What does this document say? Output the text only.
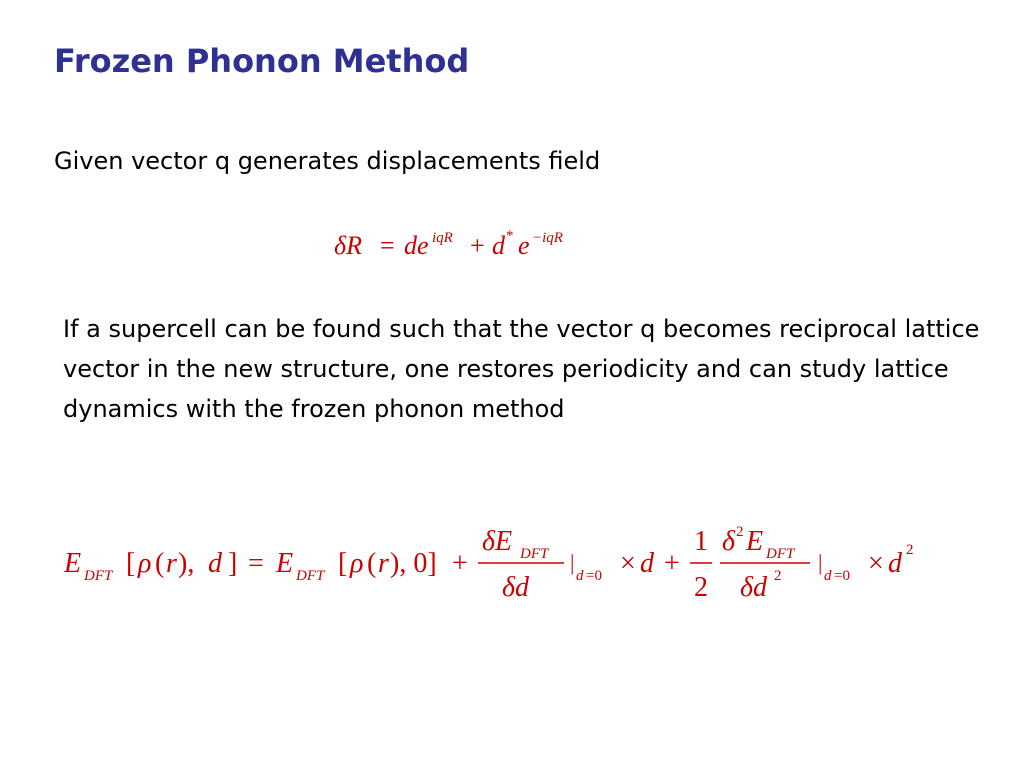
Frozen Phonon Method

Given vector q generates displacements field

δR = de iqR + d * e −iqR

If a supercell can be found such that the vector q becomes reciprocal lattice vector in the new structure, one restores periodicity and can study lattice dynamics with the frozen phonon method

E DFT [ ρ ( r ), d ] = E DFT [ ρ ( r ), 0] +
δE DFT
δd
|
d =0 × d +
1
2
δ 2 E DFT
δd 2
|
d =0 × d 2
